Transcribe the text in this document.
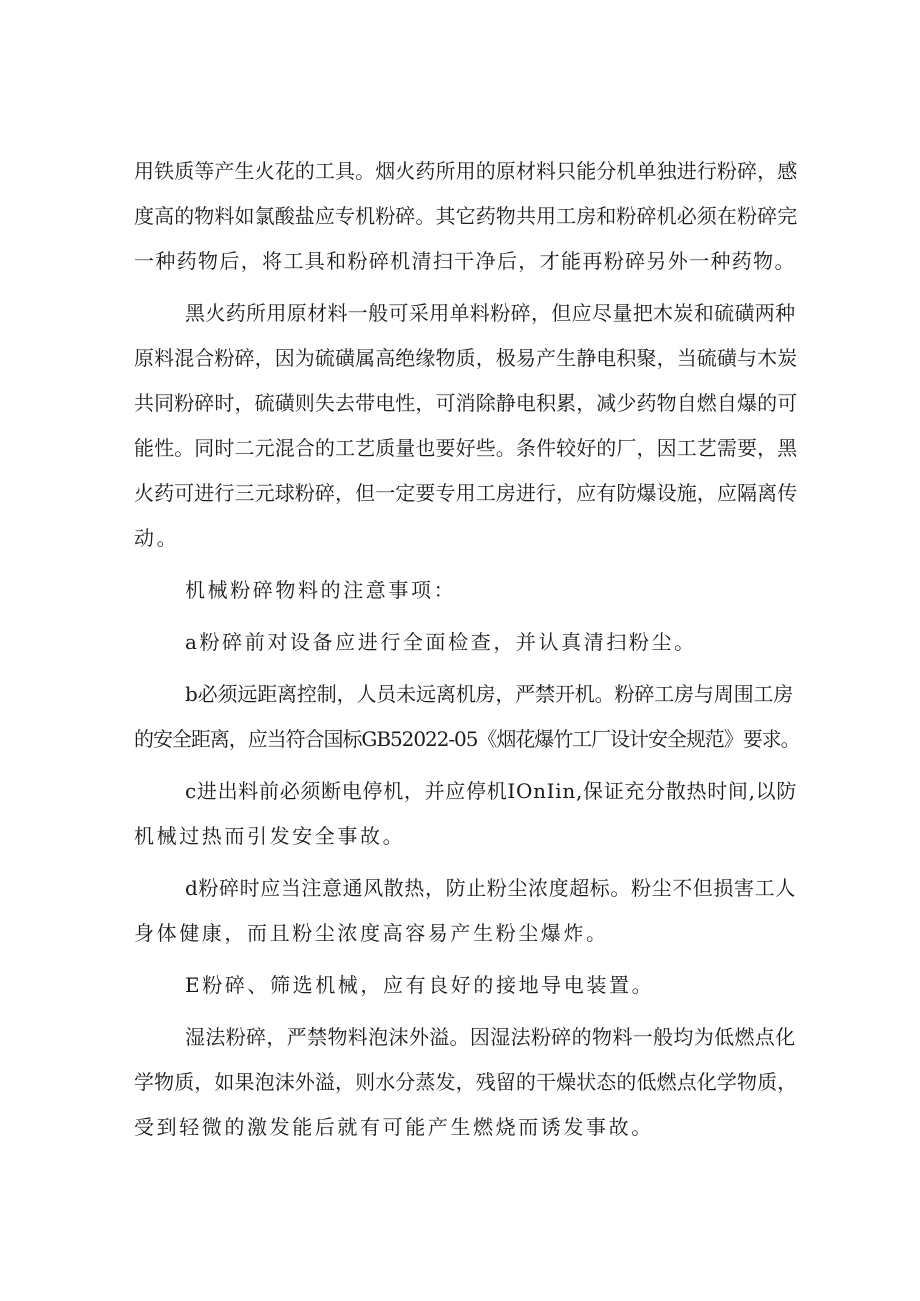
用铁质等产生火花的工具。烟火药所用的原材料只能分机单独进行粉碎，感

度高的物料如氯酸盐应专机粉碎。其它药物共用工房和粉碎机必须在粉碎完

一种药物后，将工具和粉碎机清扫干净后，才能再粉碎另外一种药物。

黑火药所用原材料一般可采用单料粉碎，但应尽量把木炭和硫磺两种

原料混合粉碎，因为硫磺属高绝缘物质，极易产生静电积聚，当硫磺与木炭

共同粉碎时，硫磺则失去带电性，可消除静电积累，减少药物自燃自爆的可

能性。同时二元混合的工艺质量也要好些。条件较好的厂，因工艺需要，黑

火药可进行三元球粉碎，但一定要专用工房进行，应有防爆设施，应隔离传

动。

机械粉碎物料的注意事项：

a粉碎前对设备应进行全面检查，并认真清扫粉尘。

b必须远距离控制，人员未远离机房，严禁开机。粉碎工房与周围工房

的安全距离，应当符合国标GB52022-05《烟花爆竹工厂设计安全规范》要求。

c进出料前必须断电停机，并应停机IOnIin,保证充分散热时间,以防

机械过热而引发安全事故。

d粉碎时应当注意通风散热，防止粉尘浓度超标。粉尘不但损害工人

身体健康，而且粉尘浓度高容易产生粉尘爆炸。

E粉碎、筛选机械，应有良好的接地导电装置。

湿法粉碎，严禁物料泡沫外溢。因湿法粉碎的物料一般均为低燃点化

学物质，如果泡沫外溢，则水分蒸发，残留的干燥状态的低燃点化学物质，

受到轻微的激发能后就有可能产生燃烧而诱发事故。
